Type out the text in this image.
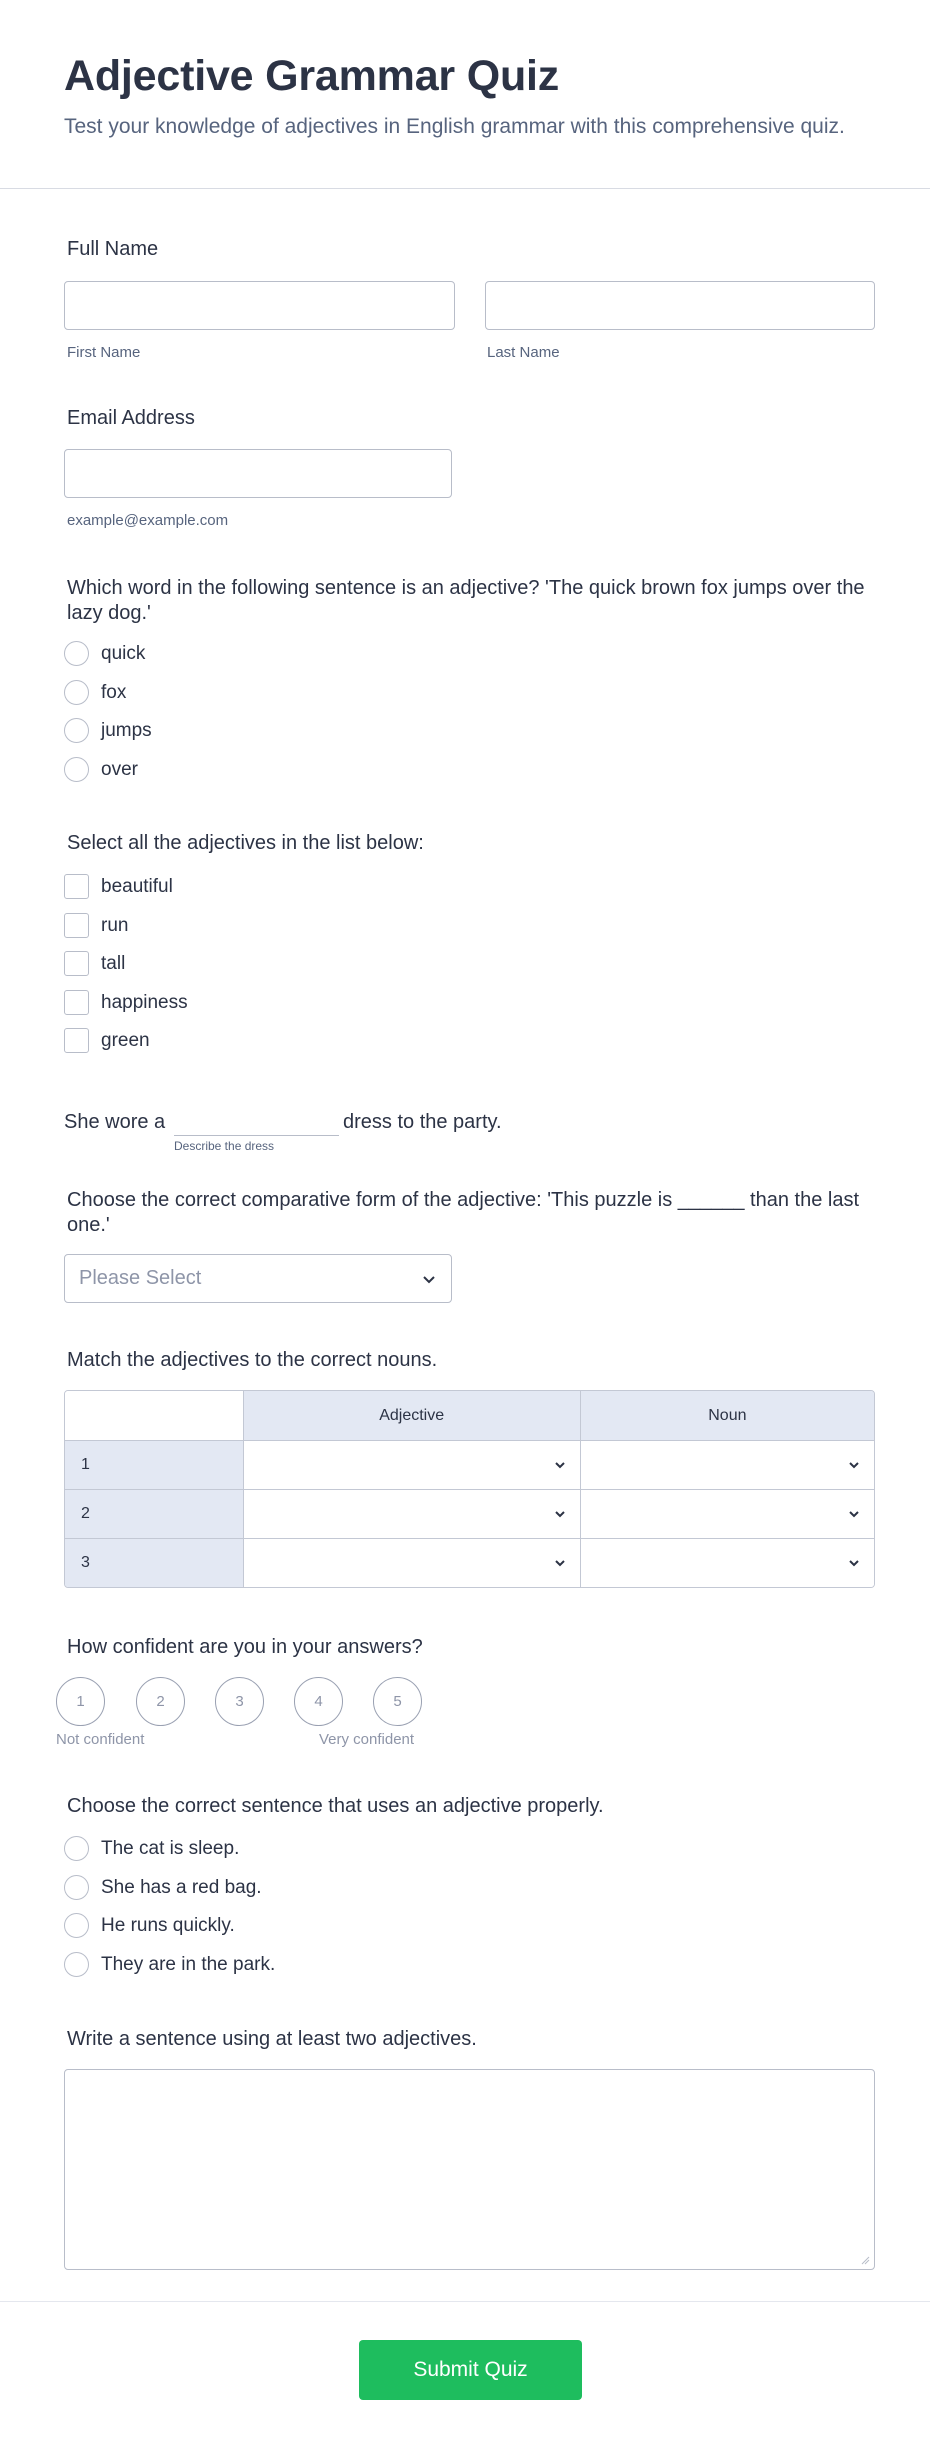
Adjective Grammar Quiz

Test your knowledge of adjectives in English grammar with this comprehensive quiz.

Full Name
First Name	Last Name
Email Address
example@example.com
Which word in the following sentence is an adjective? 'The quick brown fox jumps over the lazy dog.'
quick
fox
jumps
over
Select all the adjectives in the list below:
beautiful
run
tall
happiness
green
She wore a	dress to the party.
Describe the dress
Choose the correct comparative form of the adjective: 'This puzzle is ______ than the last one.'
Please Select
Match the adjectives to the correct nouns.
Adjective	Noun
1
2
3
How confident are you in your answers?
1	2	3	4	5
Not confident	Very confident
Choose the correct sentence that uses an adjective properly.
The cat is sleep.
She has a red bag.
He runs quickly.
They are in the park.
Write a sentence using at least two adjectives.
Submit Quiz
